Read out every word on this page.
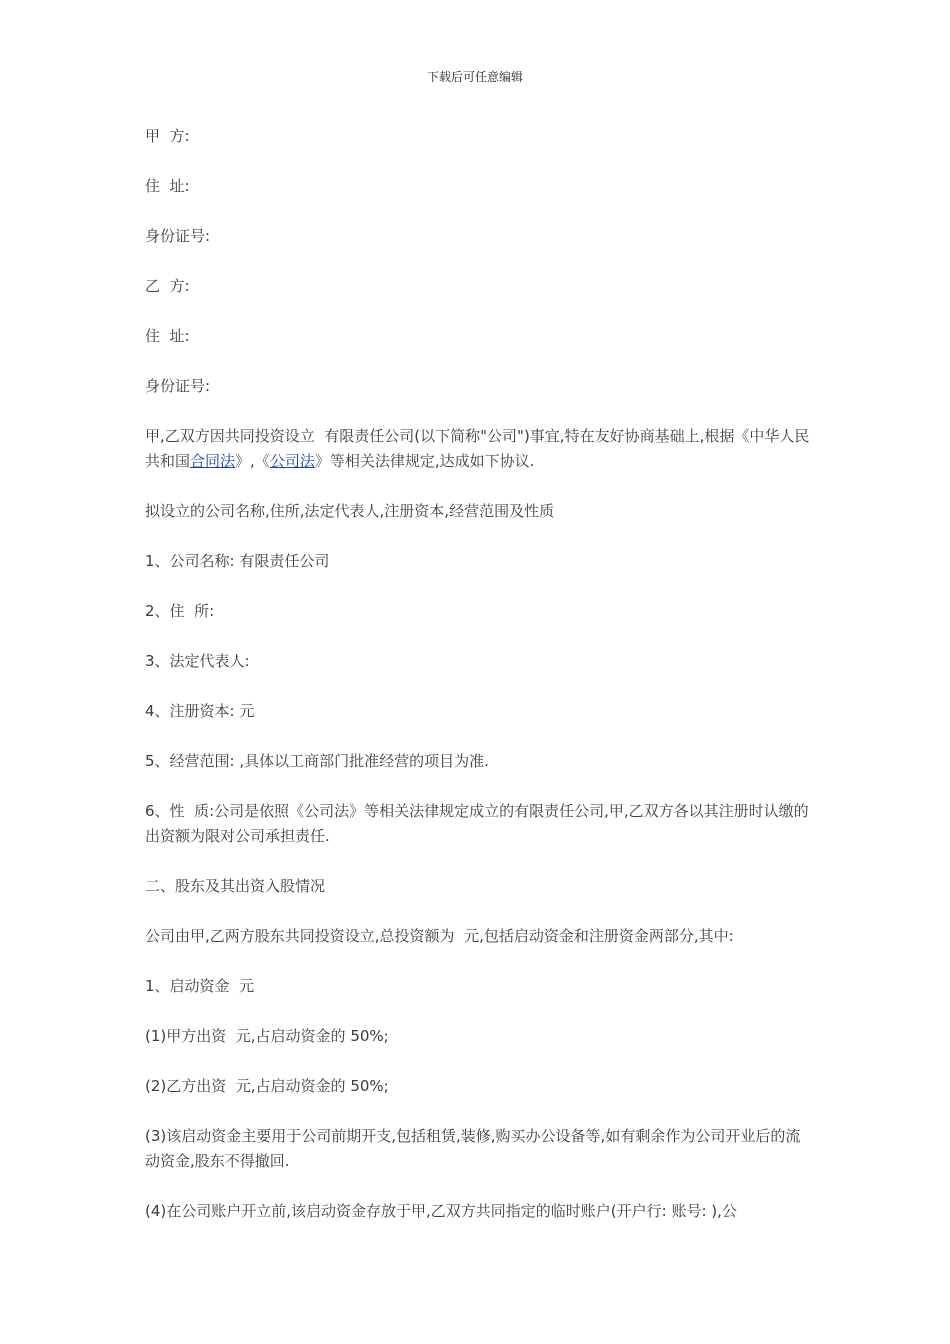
下载后可任意编辑

甲  方:

住  址:

身份证号:

乙  方:

住  址:

身份证号:

甲,乙双方因共同投资设立  有限责任公司(以下简称"公司")事宜,特在友好协商基础上,根据《中华人民共和国合同法》,《公司法》等相关法律规定,达成如下协议.

拟设立的公司名称,住所,法定代表人,注册资本,经营范围及性质

1、公司名称: 有限责任公司

2、住  所:

3、法定代表人:

4、注册资本: 元

5、经营范围: ,具体以工商部门批准经营的项目为准.

6、性  质:公司是依照《公司法》等相关法律规定成立的有限责任公司,甲,乙双方各以其注册时认缴的出资额为限对公司承担责任.

二、股东及其出资入股情况

公司由甲,乙两方股东共同投资设立,总投资额为  元,包括启动资金和注册资金两部分,其中:

1、启动资金  元

(1)甲方出资  元,占启动资金的 50%;

(2)乙方出资  元,占启动资金的 50%;

(3)该启动资金主要用于公司前期开支,包括租赁,装修,购买办公设备等,如有剩余作为公司开业后的流动资金,股东不得撤回.

(4)在公司账户开立前,该启动资金存放于甲,乙双方共同指定的临时账户(开户行: 账号: ),公
